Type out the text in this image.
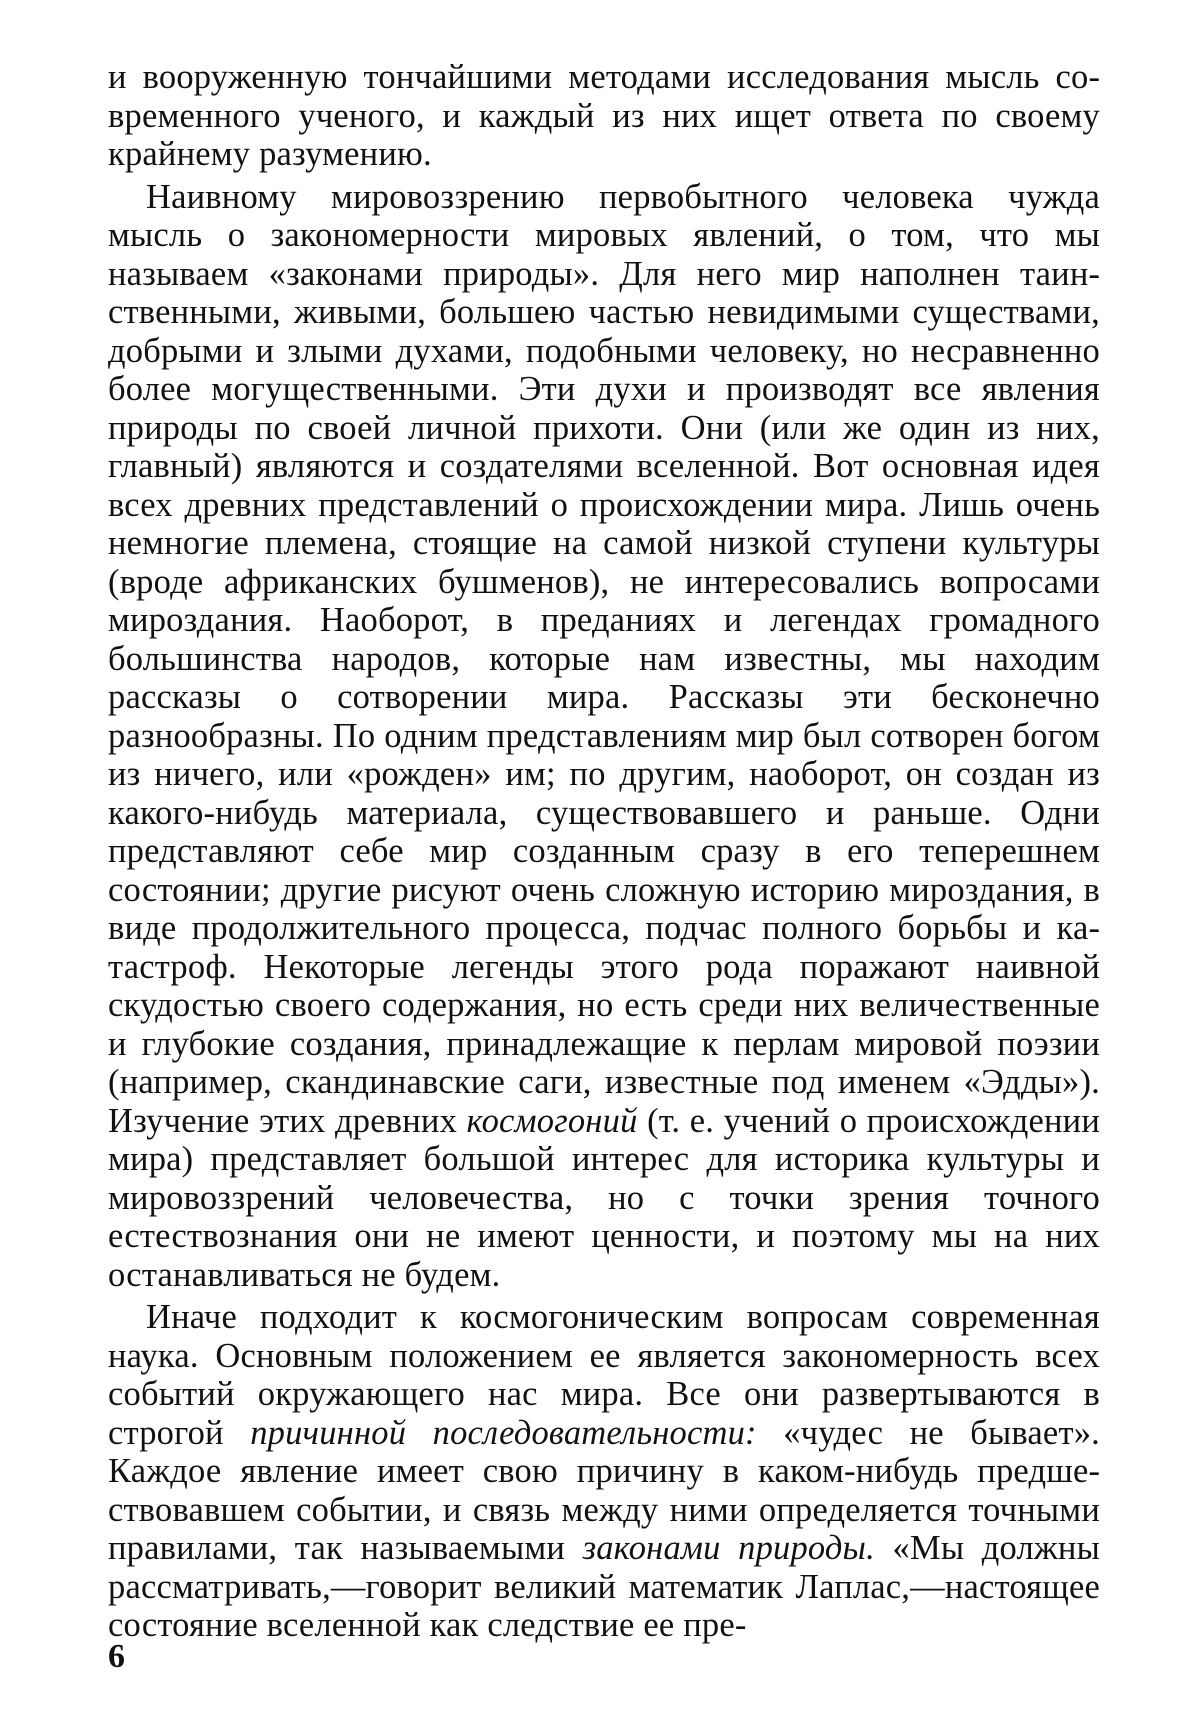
и вооруженную тончайшими методами исследования мысль современного ученого, и каждый из них ищет ответа по своему крайнему разумению.

Наивному мировоззрению первобытного человека чужда мысль о закономерности мировых явлений, о том, что мы называем «законами природы». Для него мир наполнен таинственными, живыми, большею частью невидимыми существами, добрыми и злыми духами, подобными человеку, но несравненно более могущественными. Эти духи и производят все явления природы по своей личной прихоти. Они (или же один из них, главный) являются и создателями вселенной. Вот основная идея всех древних представлений о происхождении мира. Лишь очень немногие племена, стоящие на самой низкой ступени культуры (вроде африканских бушменов), не интересовались вопросами мироздания. Наоборот, в преданиях и легендах громадного большинства народов, которые нам известны, мы находим рассказы о сотворении мира. Рассказы эти бесконечно разнообразны. По одним представлениям мир был сотворен богом из ничего, или «рожден» им; по другим, наоборот, он создан из какого-нибудь материала, существовавшего и раньше. Одни представляют себе мир созданным сразу в его теперешнем состоянии; другие рисуют очень сложную историю мироздания, в виде продолжительного процесса, подчас полного борьбы и катастроф. Некоторые легенды этого рода поражают наивной скудостью своего содержания, но есть среди них величественные и глубокие создания, принадлежащие к перлам мировой поэзии (например, скандинавские саги, известные под именем «Эдды»). Изучение этих древних космогоний (т. е. учений о происхождении мира) представляет большой интерес для историка культуры и мировоззрений человечества, но с точки зрения точного естествознания они не имеют ценности, и поэтому мы на них останавливаться не будем.

Иначе подходит к космогоническим вопросам современная наука. Основным положением ее является закономерность всех событий окружающего нас мира. Все они развертываются в строгой причинной последовательности: «чудес не бывает». Каждое явление имеет свою причину в каком-нибудь предшествовавшем событии, и связь между ними определяется точными правилами, так называемыми законами природы. «Мы должны рассматривать,—говорит великий математик Лаплас,—настоящее состояние вселенной как следствие ее пре-

6
